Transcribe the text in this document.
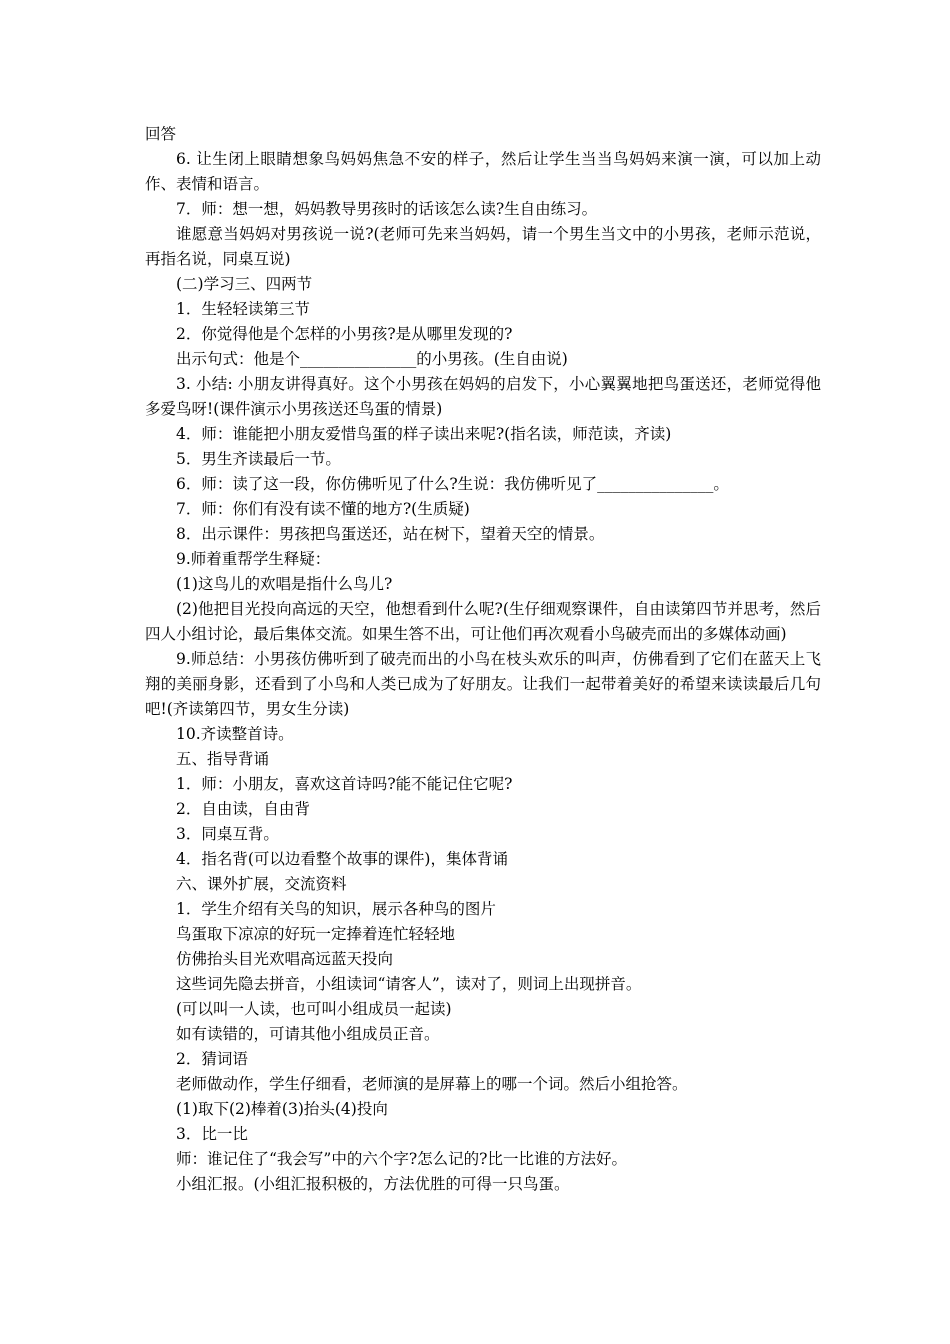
回答

6. 让生闭上眼睛想象鸟妈妈焦急不安的样子，然后让学生当当鸟妈妈来演一演，可以加上动作、表情和语言。

7．师：想一想，妈妈教导男孩时的话该怎么读?生自由练习。

谁愿意当妈妈对男孩说一说?(老师可先来当妈妈，请一个男生当文中的小男孩，老师示范说，再指名说，同桌互说)

(二)学习三、四两节

1．生轻轻读第三节

2．你觉得他是个怎样的小男孩?是从哪里发现的?

出示句式：他是个_______________的小男孩。(生自由说)

3. 小结: 小朋友讲得真好。这个小男孩在妈妈的启发下，小心翼翼地把鸟蛋送还，老师觉得他多爱鸟呀!(课件演示小男孩送还鸟蛋的情景)

4．师：谁能把小朋友爱惜鸟蛋的样子读出来呢?(指名读，师范读，齐读)

5．男生齐读最后一节。

6．师：读了这一段，你仿佛听见了什么?生说：我仿佛听见了_______________。

7．师：你们有没有读不懂的地方?(生质疑)

8．出示课件：男孩把鸟蛋送还，站在树下，望着天空的情景。

9.师着重帮学生释疑：

(1)这鸟儿的欢唱是指什么鸟儿?

(2)他把目光投向高远的天空，他想看到什么呢?(生仔细观察课件，自由读第四节并思考，然后四人小组讨论，最后集体交流。如果生答不出，可让他们再次观看小鸟破壳而出的多媒体动画)

9.师总结：小男孩仿佛听到了破壳而出的小鸟在枝头欢乐的叫声，仿佛看到了它们在蓝天上飞翔的美丽身影，还看到了小鸟和人类已成为了好朋友。让我们一起带着美好的希望来读读最后几句吧!(齐读第四节，男女生分读)

10.齐读整首诗。

五、指导背诵

1．师：小朋友，喜欢这首诗吗?能不能记住它呢?

2．自由读，自由背

3．同桌互背。

4．指名背(可以边看整个故事的课件)，集体背诵

六、课外扩展，交流资料

1．学生介绍有关鸟的知识，展示各种鸟的图片

鸟蛋取下凉凉的好玩一定捧着连忙轻轻地

仿佛抬头目光欢唱高远蓝天投向

这些词先隐去拼音，小组读词“请客人”，读对了，则词上出现拼音。

(可以叫一人读，也可叫小组成员一起读)

如有读错的，可请其他小组成员正音。

2．猜词语

老师做动作，学生仔细看，老师演的是屏幕上的哪一个词。然后小组抢答。

(1)取下(2)棒着(3)抬头(4)投向

3．比一比

师：谁记住了“我会写”中的六个字?怎么记的?比一比谁的方法好。

小组汇报。(小组汇报积极的，方法优胜的可得一只鸟蛋。
